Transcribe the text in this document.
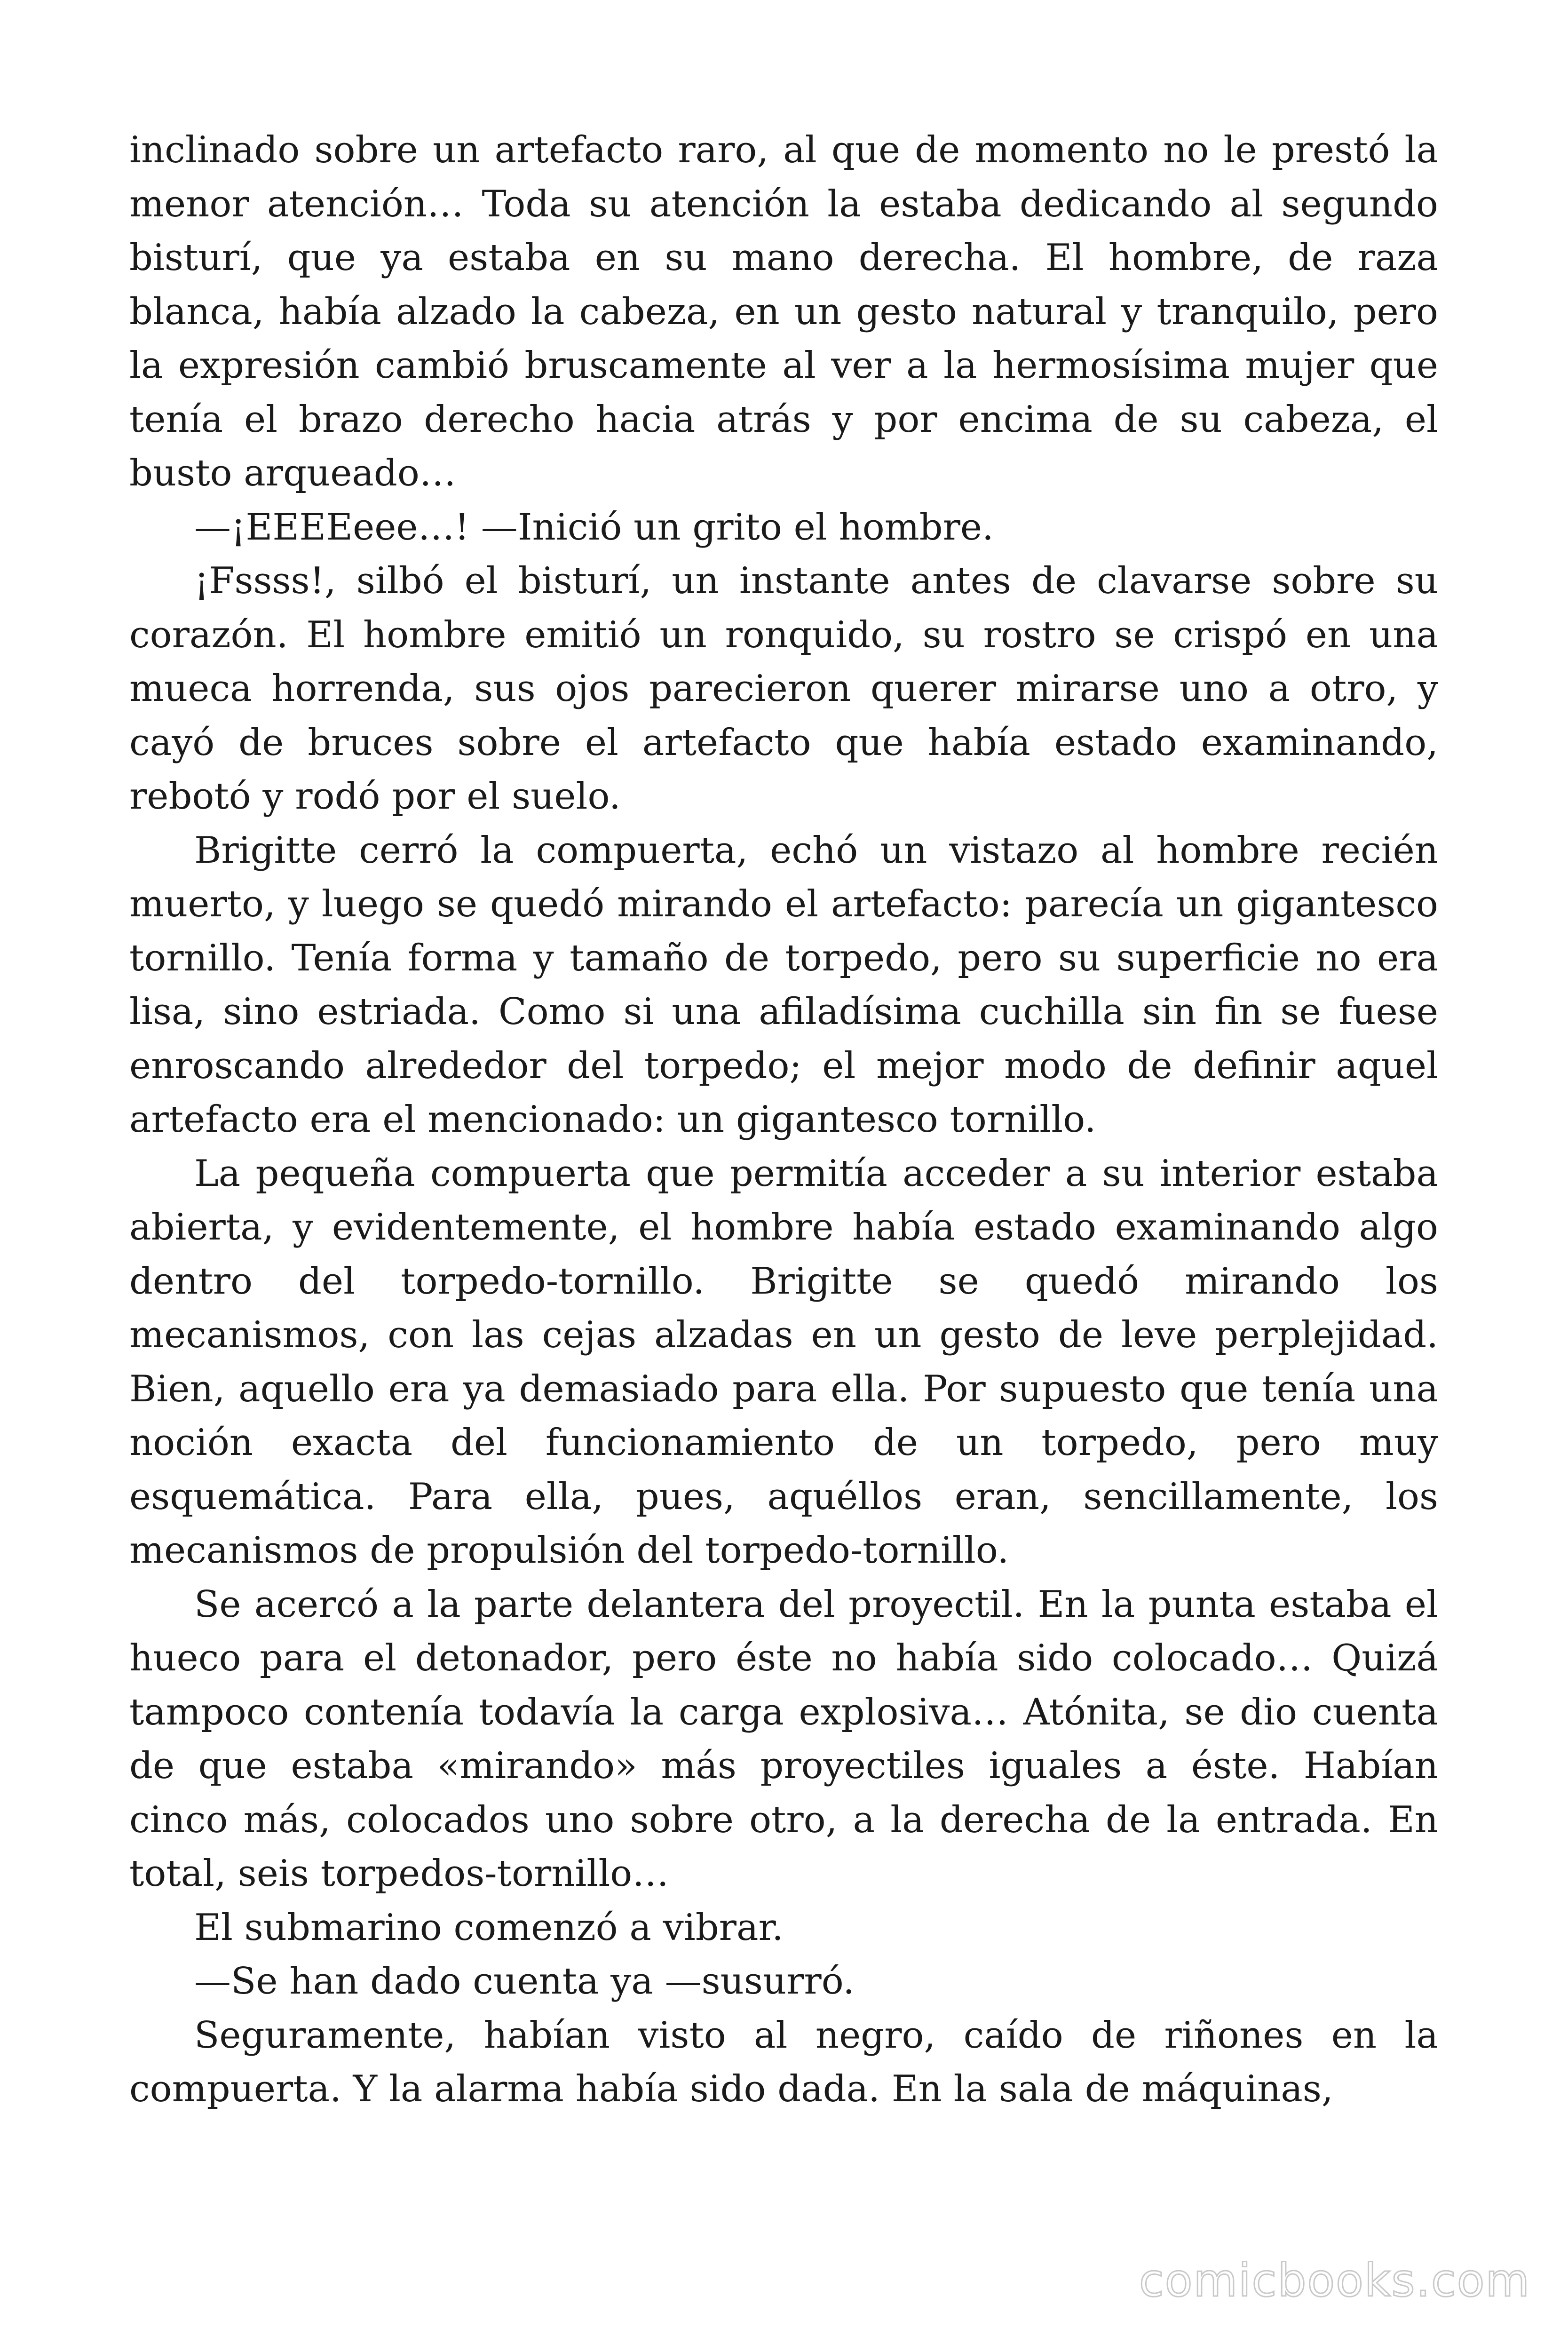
inclinado sobre un artefacto raro, al que de momento no le prestó la menor atención… Toda su atención la estaba dedicando al segundo bisturí, que ya estaba en su mano derecha. El hombre, de raza blanca, había alzado la cabeza, en un gesto natural y tranquilo, pero la expresión cambió bruscamente al ver a la hermosísima mujer que tenía el brazo derecho hacia atrás y por encima de su cabeza, el busto arqueado…

—¡EEEEeee…! —Inició un grito el hombre.

¡Fssss!, silbó el bisturí, un instante antes de clavarse sobre su corazón. El hombre emitió un ronquido, su rostro se crispó en una mueca horrenda, sus ojos parecieron querer mirarse uno a otro, y cayó de bruces sobre el artefacto que había estado examinando, rebotó y rodó por el suelo.

Brigitte cerró la compuerta, echó un vistazo al hombre recién muerto, y luego se quedó mirando el artefacto: parecía un gigantesco tornillo. Tenía forma y tamaño de torpedo, pero su superficie no era lisa, sino estriada. Como si una afiladísima cuchilla sin fin se fuese enroscando alrededor del torpedo; el mejor modo de definir aquel artefacto era el mencionado: un gigantesco tornillo.

La pequeña compuerta que permitía acceder a su interior estaba abierta, y evidentemente, el hombre había estado examinando algo dentro del torpedo-tornillo. Brigitte se quedó mirando los mecanismos, con las cejas alzadas en un gesto de leve perplejidad. Bien, aquello era ya demasiado para ella. Por supuesto que tenía una noción exacta del funcionamiento de un torpedo, pero muy esquemática. Para ella, pues, aquéllos eran, sencillamente, los mecanismos de propulsión del torpedo-tornillo.

Se acercó a la parte delantera del proyectil. En la punta estaba el hueco para el detonador, pero éste no había sido colocado… Quizá tampoco contenía todavía la carga explosiva… Atónita, se dio cuenta de que estaba «mirando» más proyectiles iguales a éste. Habían cinco más, colocados uno sobre otro, a la derecha de la entrada. En total, seis torpedos-tornillo…

El submarino comenzó a vibrar.

—Se han dado cuenta ya —susurró.

Seguramente, habían visto al negro, caído de riñones en la compuerta. Y la alarma había sido dada. En la sala de máquinas,

comicbooks.com
